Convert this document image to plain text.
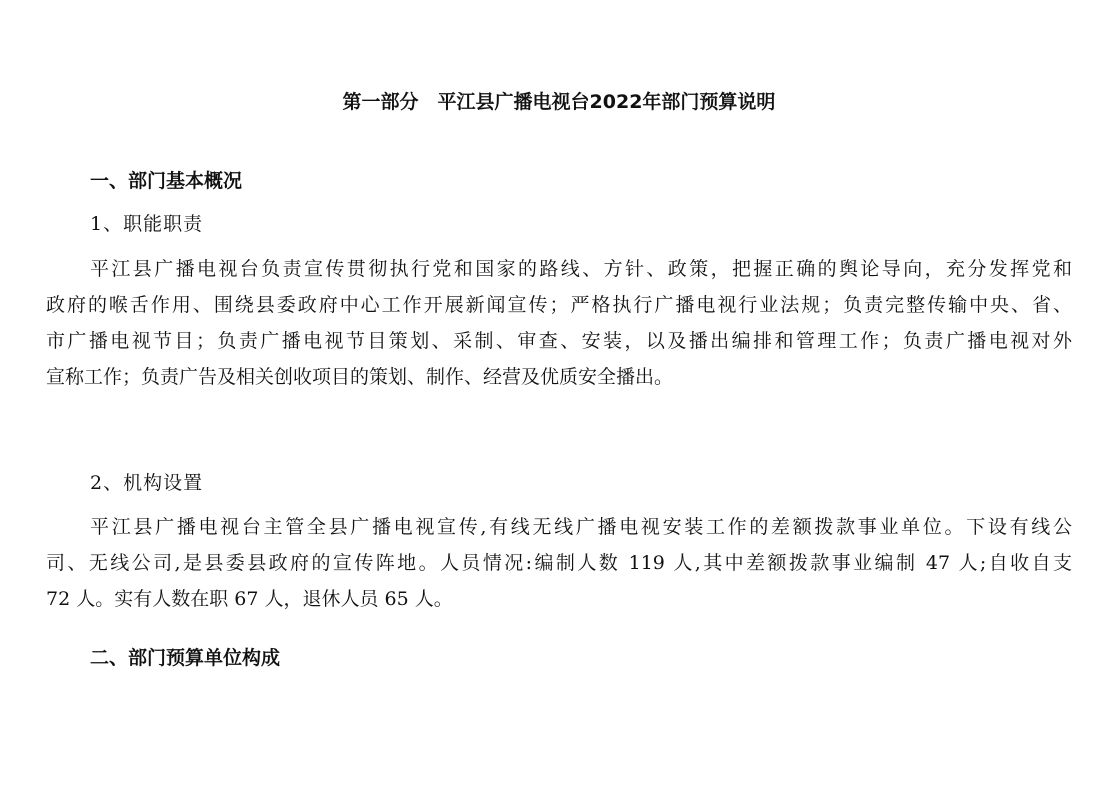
第一部分　平江县广播电视台2022年部门预算说明
一、部门基本概况
1、职能职责
平江县广播电视台负责宣传贯彻执行党和国家的路线、方针、政策，把握正确的舆论导向，充分发挥党和
政府的喉舌作用、围绕县委政府中心工作开展新闻宣传；严格执行广播电视行业法规；负责完整传输中央、省、
市广播电视节目；负责广播电视节目策划、采制、审查、安装，以及播出编排和管理工作；负责广播电视对外
宣称工作；负责广告及相关创收项目的策划、制作、经营及优质安全播出。
2、机构设置
平江县广播电视台主管全县广播电视宣传,有线无线广播电视安装工作的差额拨款事业单位。下设有线公
司、无线公司,是县委县政府的宣传阵地。人员情况:编制人数 119 人,其中差额拨款事业编制 47 人;自收自支
72 人。实有人数在职 67 人，退休人员 65 人。
二、部门预算单位构成
